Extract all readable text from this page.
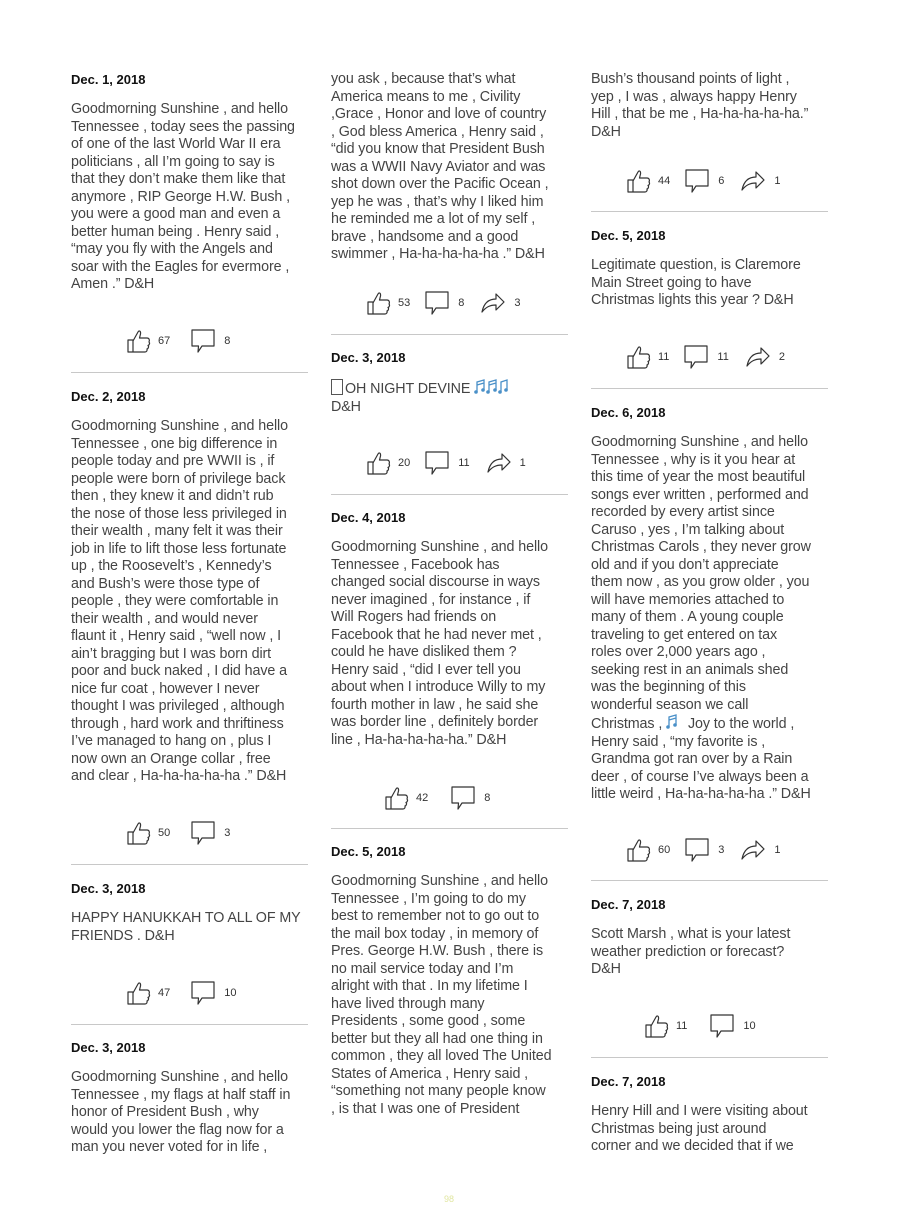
Dec. 1, 2018
Goodmorning Sunshine , and hello
Tennessee , today sees the passing
of one of the last World War II era
politicians , all I’m going to say is
that they don’t make them like that
anymore , RIP George H.W. Bush ,
you were a good man and even a
better human being . Henry said ,
“may you fly with the Angels and
soar with the Eagles for evermore ,
Amen .” D&H
67	8
Dec. 2, 2018
Goodmorning Sunshine , and hello
Tennessee , one big difference in
people today and pre WWII is , if
people were born of privilege back
then , they knew it and didn’t rub
the nose of those less privileged in
their wealth , many felt it was their
job in life to lift those less fortunate
up , the Roosevelt’s , Kennedy’s
and Bush’s were those type of
people , they were comfortable in
their wealth , and would never
flaunt it , Henry said , “well now , I
ain’t bragging but I was born dirt
poor and buck naked , I did have a
nice fur coat , however I never
thought I was privileged , although
through , hard work and thriftiness
I’ve managed to hang on , plus I
now own an Orange collar , free
and clear , Ha-ha-ha-ha-ha .” D&H
50	3
Dec. 3, 2018
HAPPY HANUKKAH TO ALL OF MY
FRIENDS . D&H
47	10
Dec. 3, 2018
Goodmorning Sunshine , and hello
Tennessee , my flags at half staff in
honor of President Bush , why
would you lower the flag now for a
man you never voted for in life ,
you ask , because that’s what
America means to me , Civility
,Grace , Honor and love of country
, God bless America , Henry said ,
“did you know that President Bush
was a WWII Navy Aviator and was
shot down over the Pacific Ocean ,
yep he was , that’s why I liked him
he reminded me a lot of my self ,
brave , handsome and a good
swimmer , Ha-ha-ha-ha-ha .” D&H
53	8	3
Dec. 3, 2018
OH NIGHT DEVINE
D&H
20	11	1
Dec. 4, 2018
Goodmorning Sunshine , and hello
Tennessee , Facebook has
changed social discourse in ways
never imagined , for instance , if
Will Rogers had friends on
Facebook that he had never met ,
could he have disliked them ?
Henry said , “did I ever tell you
about when I introduce Willy to my
fourth mother in law , he said she
was border line , definitely border
line , Ha-ha-ha-ha-ha.” D&H
42	8
Dec. 5, 2018
Goodmorning Sunshine , and hello
Tennessee , I’m going to do my
best to remember not to go out to
the mail box today , in memory of
Pres. George H.W. Bush , there is
no mail service today and I’m
alright with that . In my lifetime I
have lived through many
Presidents , some good , some
better but they all had one thing in
common , they all loved The United
States of America , Henry said ,
“something not many people know
, is that I was one of President
Bush’s thousand points of light ,
yep , I was , always happy Henry
Hill , that be me , Ha-ha-ha-ha-ha.”
D&H
44	6	1
Dec. 5, 2018
Legitimate question, is Claremore
Main Street going to have
Christmas lights this year ? D&H
11	11	2
Dec. 6, 2018
Goodmorning Sunshine , and hello
Tennessee , why is it you hear at
this time of year the most beautiful
songs ever written , performed and
recorded by every artist since
Caruso , yes , I’m talking about
Christmas Carols , they never grow
old and if you don’t appreciate
them now , as you grow older , you
will have memories attached to
many of them . A young couple
traveling to get entered on tax
roles over 2,000 years ago ,
seeking rest in an animals shed
was the beginning of this
wonderful season we call
Christmas , Joy to the world ,
Henry said , “my favorite is ,
Grandma got ran over by a Rain
deer , of course I’ve always been a
little weird , Ha-ha-ha-ha-ha .” D&H
60	3	1
Dec. 7, 2018
Scott Marsh , what is your latest
weather prediction or forecast?
D&H
11	10
Dec. 7, 2018
Henry Hill and I were visiting about
Christmas being just around
corner and we decided that if we
98
